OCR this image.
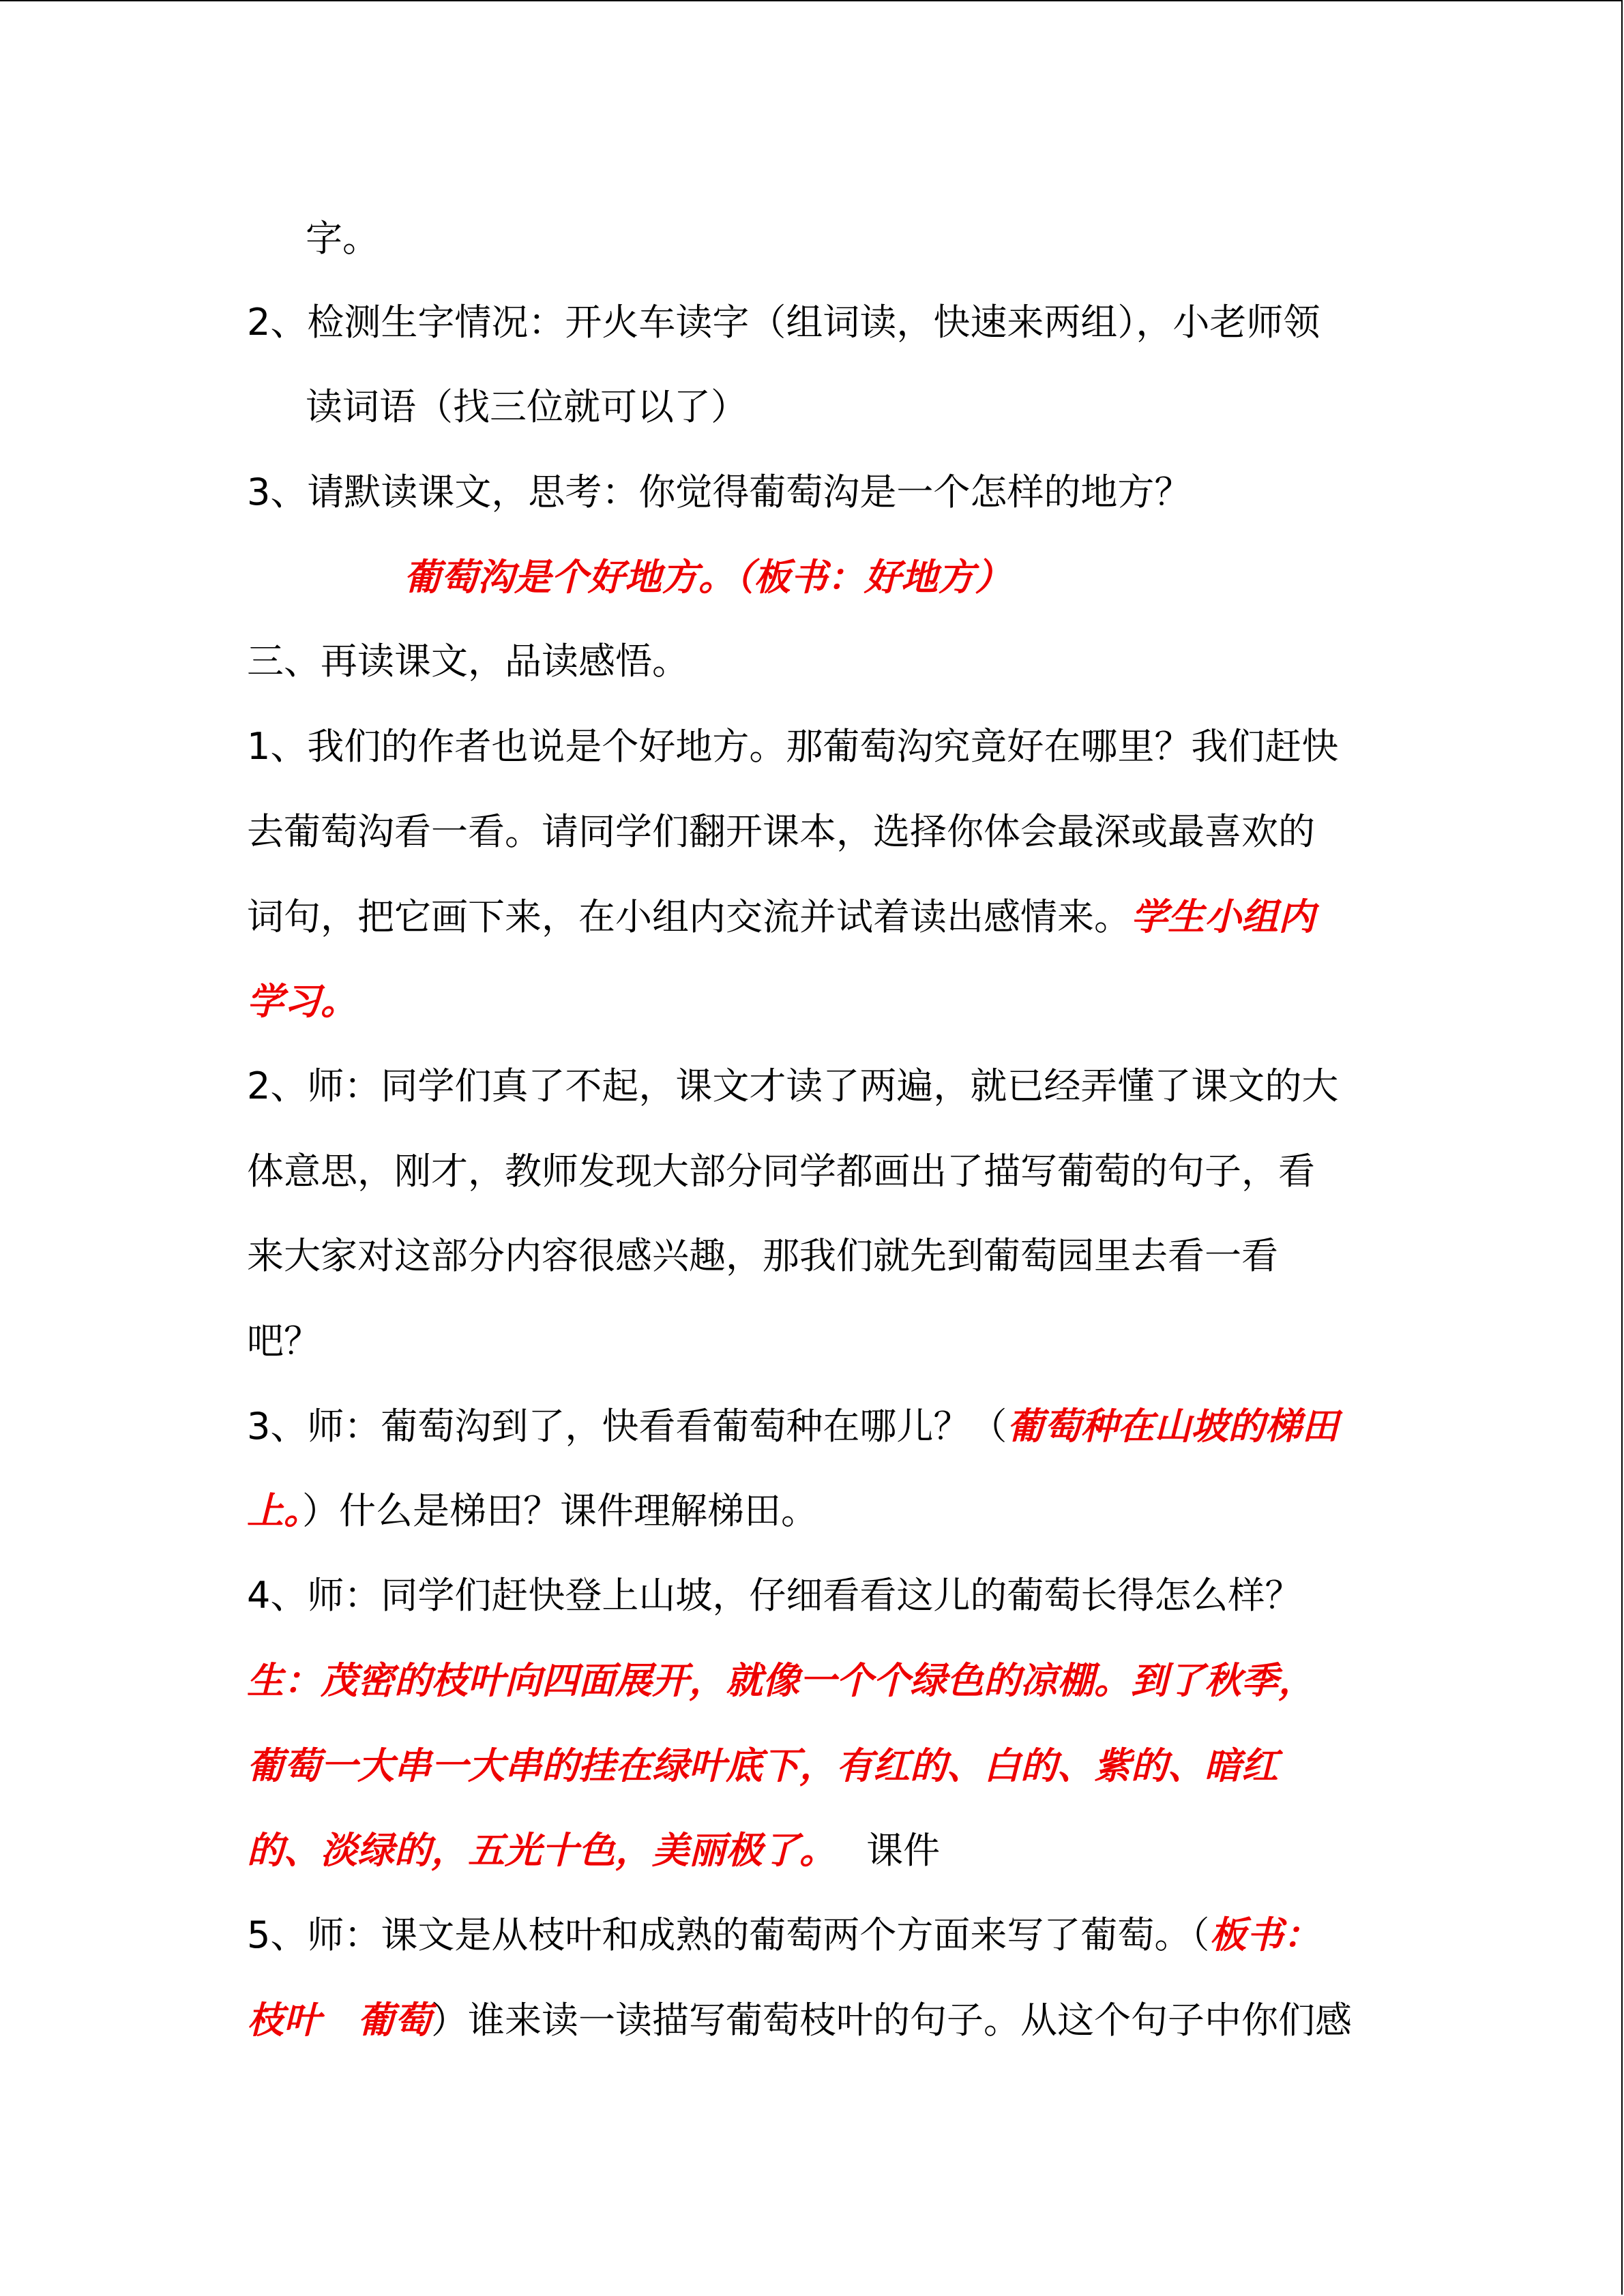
字。
2、检测生字情况：开火车读字（组词读，快速来两组），小老师领
读词语（找三位就可以了）
3、请默读课文，思考：你觉得葡萄沟是一个怎样的地方？
葡萄沟是个好地方。（板书：好地方）
三、再读课文，品读感悟。
1、我们的作者也说是个好地方。那葡萄沟究竟好在哪里？我们赶快
去葡萄沟看一看。请同学们翻开课本，选择你体会最深或最喜欢的
词句，把它画下来，在小组内交流并试着读出感情来。学生小组内
学习。
2、师：同学们真了不起，课文才读了两遍，就已经弄懂了课文的大
体意思，刚才，教师发现大部分同学都画出了描写葡萄的句子，看
来大家对这部分内容很感兴趣，那我们就先到葡萄园里去看一看
吧？
3、师：葡萄沟到了，快看看葡萄种在哪儿？（葡萄种在山坡的梯田
上。）什么是梯田？课件理解梯田。
4、师：同学们赶快登上山坡，仔细看看这儿的葡萄长得怎么样？
生：茂密的枝叶向四面展开，就像一个个绿色的凉棚。到了秋季，
葡萄一大串一大串的挂在绿叶底下，有红的、白的、紫的、暗红
的、淡绿的，五光十色，美丽极了。　 课件
5、师：课文是从枝叶和成熟的葡萄两个方面来写了葡萄。（板书：
枝叶　葡萄）谁来读一读描写葡萄枝叶的句子。从这个句子中你们感
